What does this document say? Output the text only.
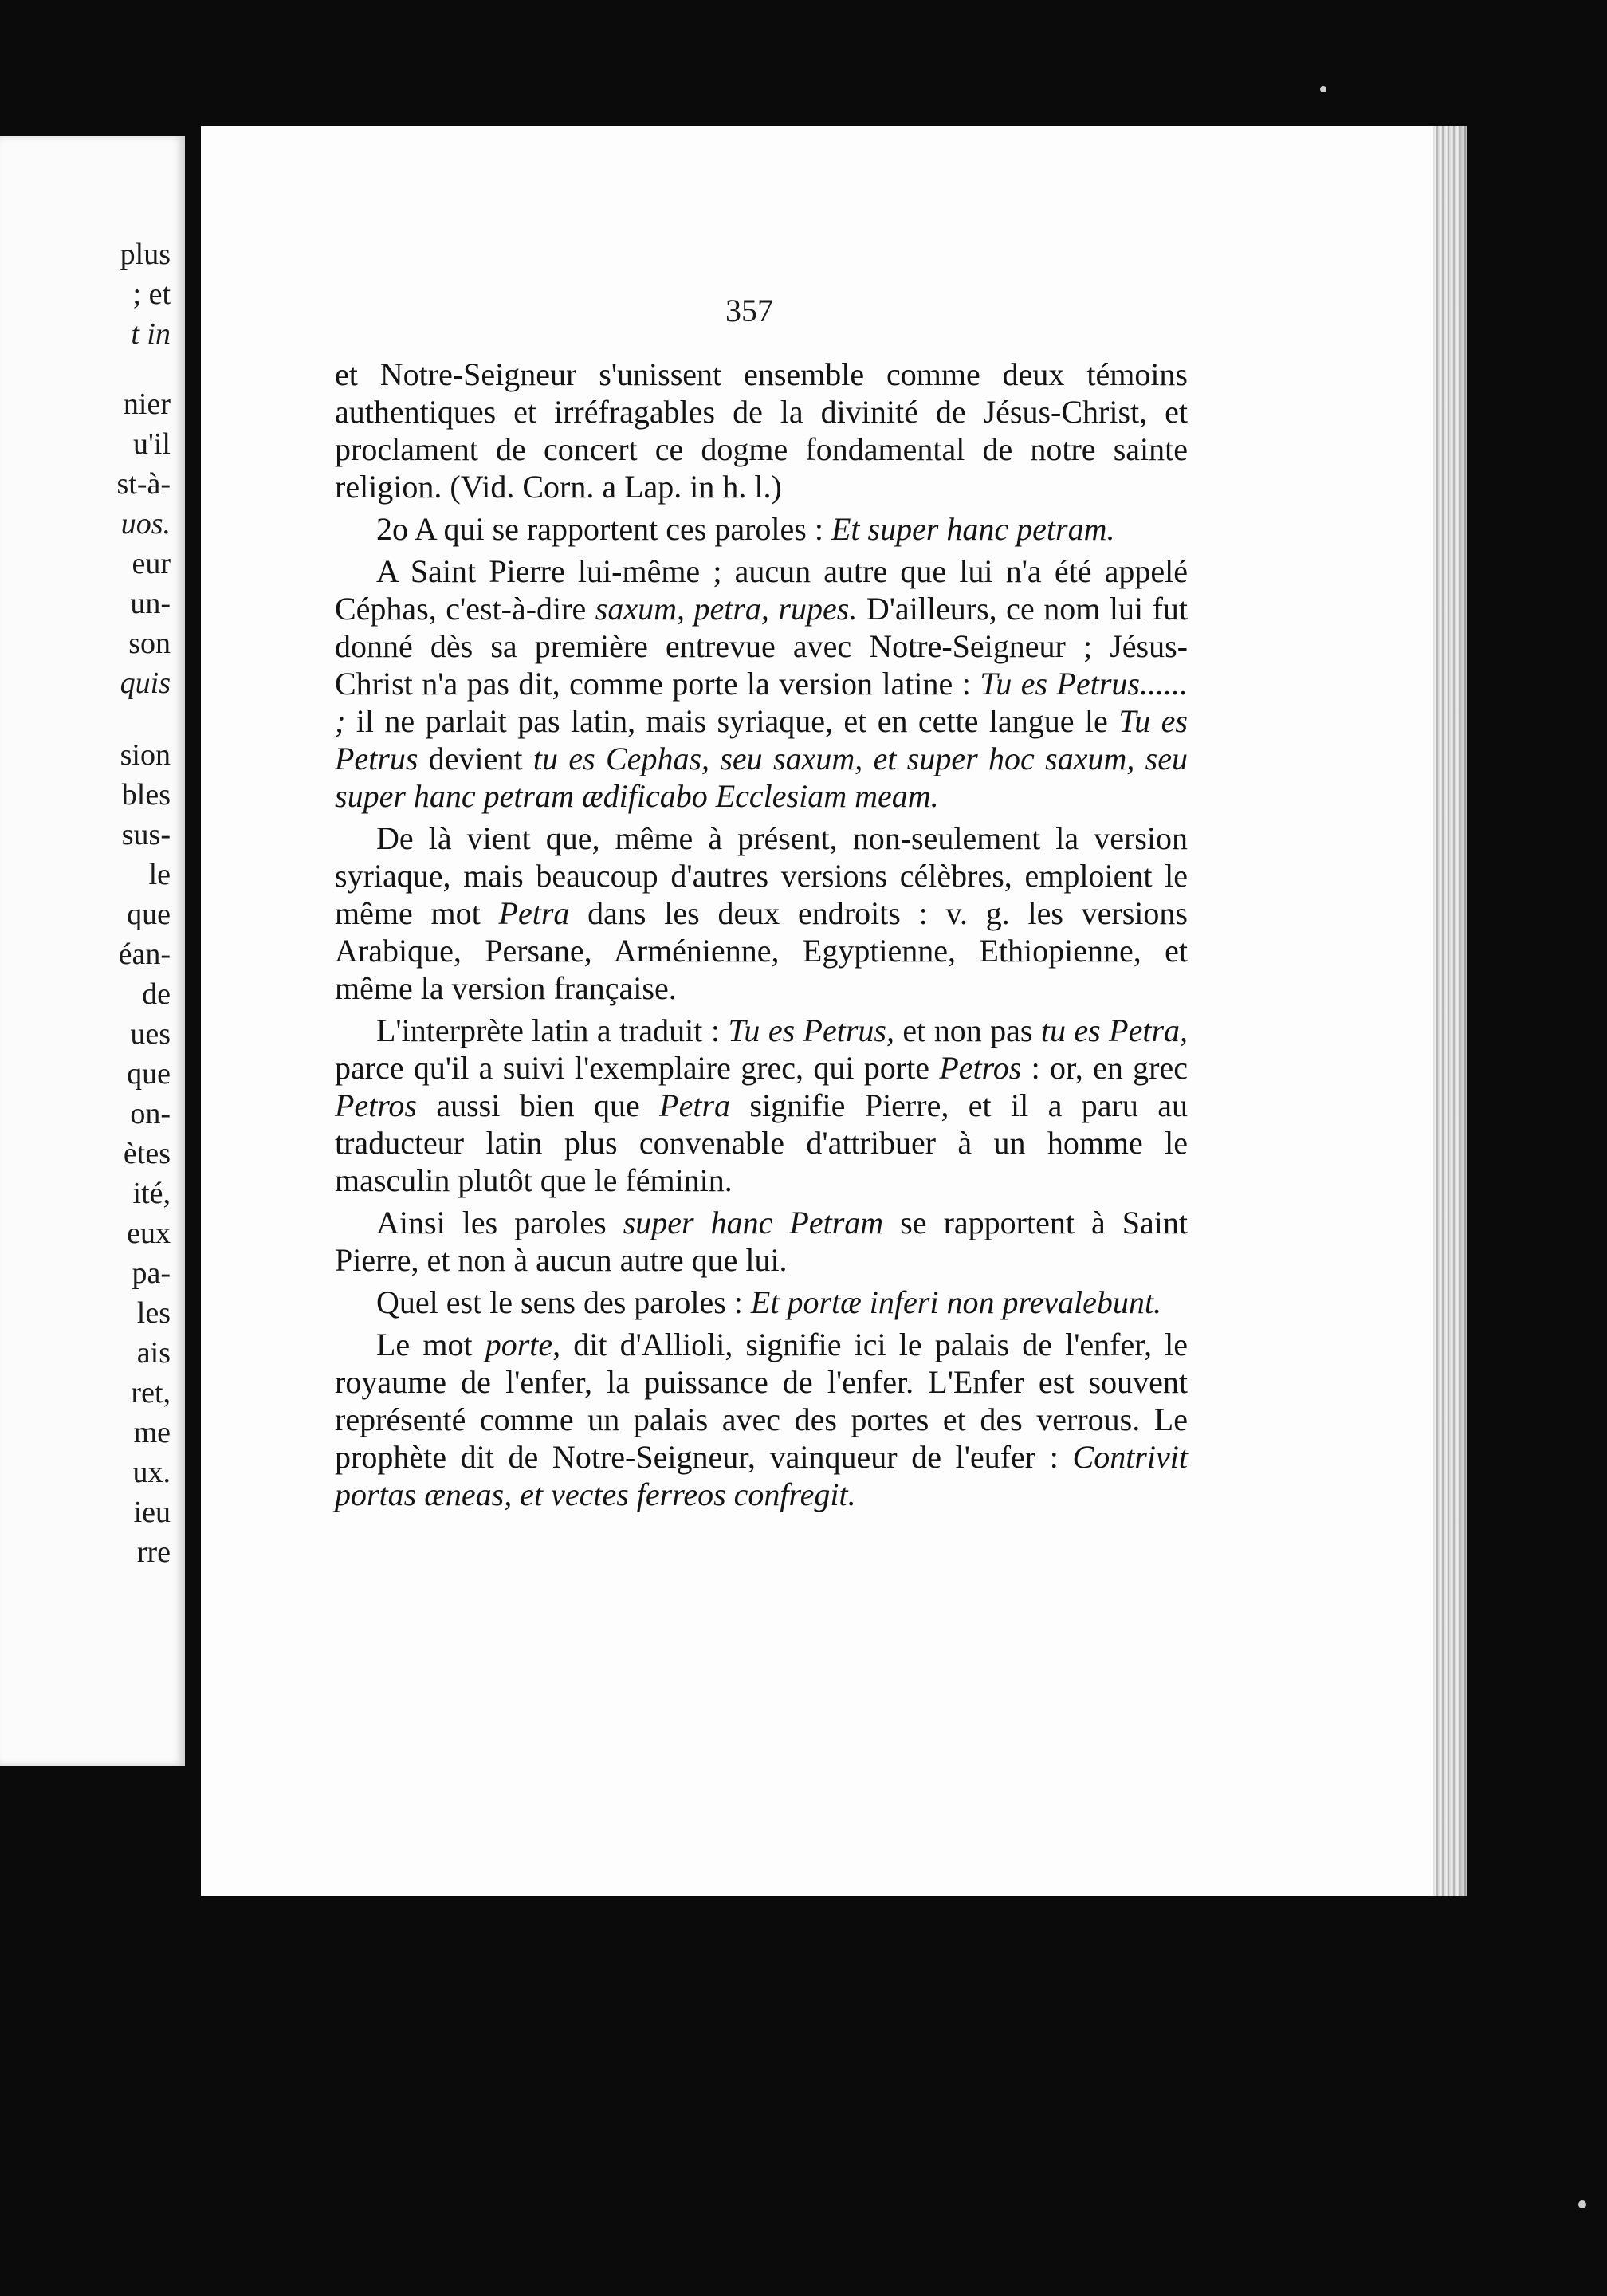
plus
; et
t in
nier
u'il
st-à-
uos.
eur
un-
son
quis
sion
bles
sus-
le
que
éan-
de
ues
que
on-
ètes
ité,
eux
pa-
les
ais
ret,
me
ux.
ieu
rre
357

et Notre-Seigneur s'unissent ensemble comme deux témoins authentiques et irréfragables de la divinité de Jésus-Christ, et proclament de concert ce dogme fondamental de notre sainte religion. (Vid. Corn. a Lap. in h. l.)

2o A qui se rapportent ces paroles : Et super hanc petram.

A Saint Pierre lui-même ; aucun autre que lui n'a été appelé Céphas, c'est-à-dire saxum, petra, rupes. D'ailleurs, ce nom lui fut donné dès sa première entrevue avec Notre-Seigneur ; Jésus-Christ n'a pas dit, comme porte la version latine : Tu es Petrus...... ; il ne parlait pas latin, mais syriaque, et en cette langue le Tu es Petrus devient tu es Cephas, seu saxum, et super hoc saxum, seu super hanc petram ædificabo Ecclesiam meam.

De là vient que, même à présent, non-seulement la version syriaque, mais beaucoup d'autres versions célèbres, emploient le même mot Petra dans les deux endroits : v. g. les versions Arabique, Persane, Arménienne, Egyptienne, Ethiopienne, et même la version française.

L'interprète latin a traduit : Tu es Petrus, et non pas tu es Petra, parce qu'il a suivi l'exemplaire grec, qui porte Petros : or, en grec Petros aussi bien que Petra signifie Pierre, et il a paru au traducteur latin plus convenable d'attribuer à un homme le masculin plutôt que le féminin.

Ainsi les paroles super hanc Petram se rapportent à Saint Pierre, et non à aucun autre que lui.

Quel est le sens des paroles : Et portæ inferi non prevalebunt.

Le mot porte, dit d'Allioli, signifie ici le palais de l'enfer, le royaume de l'enfer, la puissance de l'enfer. L'Enfer est souvent représenté comme un palais avec des portes et des verrous. Le prophète dit de Notre-Seigneur, vainqueur de l'eufer : Contrivit portas æneas, et vectes ferreos confregit.
